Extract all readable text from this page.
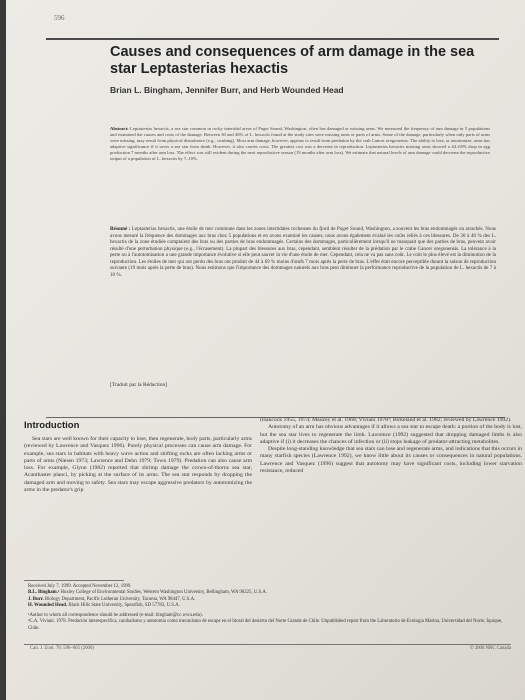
596
Causes and consequences of arm damage in the sea star Leptasterias hexactis
Brian L. Bingham, Jennifer Burr, and Herb Wounded Head
Abstract: Leptasterias hexactis, a sea star common in rocky intertidal areas of Puget Sound, Washington, often has damaged or missing arms. We measured the frequency of arm damage in 5 populations and examined the causes and costs of the damage. Between 30 and 46% of L. hexactis found at the study sites were missing arms or parts of arms. Some of the damage, particularly when only parts of arms were missing, may result from physical disturbance (e.g., crushing). Most arm damage, however, appears to result from predation by the crab Cancer oregonensis. The ability to lose, or autotomize, arms has adaptive significance if it saves a sea star from death. However, it also carries costs. The greatest cost was a decrease in reproduction. Leptasterias hexactis missing arms showed a 44–69% drop in egg production 7 months after arm loss. The effect was still evident during the next reproductive season (19 months after arm loss). We estimate that natural levels of arm damage could decrease the reproductive output of a population of L. hexactis by 7–10%.
Résumé : Leptasterias hexactis, une étoile de mer commune dans les zones intertidales rocheuses du fjord de Puget Sound, Washington, a souvent les bras endommagés ou arrachés. Nous avons mesuré la fréquence des dommages aux bras chez 5 populations et en avons examiné les causes; nous avons également évalué les coûts reliés à ces blessures. De 30 à 46 % des L. hexactis de la zone étudiée comptaient des bras ou des parties de bras endommagés. Certains des dommages, particulièrement lorsqu'il ne manquait que des parties de bras, peuvent avoir résulté d'une perturbation physique (e.g., l'écrasement). La plupart des blessures aux bras, cependant, semblent résulter de la prédation par le crabe Cancer oregonensis. La tolérance à la perte ou à l'autotomisation a une grande importance évolutive si elle peut sauver la vie d'une étoile de mer. Cependant, cela ne va pas sans coût. Le coût le plus élevé est la diminution de la reproduction. Les étoiles de mer qui ont perdu des bras ont produit de 44 à 69 % moins d'œufs 7 mois après la perte de bras. L'effet était encore perceptible durant la saison de reproduction suivante (19 mois après la perte de bras). Nous estimons que l'importance des dommages naturels aux bras peut diminuer la performance reproductive de la population de L. hexactis de 7 à 10 %.
[Traduit par la Rédaction]
Introduction

Sea stars are well known for their capacity to lose, then regenerate, body parts, particularly arms (reviewed by Lawrence and Vasquez 1996). Purely physical processes can cause arm damage. For example, sea stars in habitats with heavy wave action and shifting rocks are often lacking arms or parts of arms (Niesen 1973; Lawrence and Dehn 1979; Town 1979). Predation can also cause arm loss. For example, Glynn (1982) reported that shrimp damage the crown-of-thorns sea star, Acanthaster planci, by picking at the surface of its arms. The sea star responds by dropping the damaged arm and moving to safety. Sea stars may escape aggressive predators by autotomizing the arms in the predator's grip

(Hancock 1955, 1974; Mauzey et al. 1968; Viviani 1978²; Birkeland et al. 1982; reviewed by Lawrence 1992).

Autotomy of an arm has obvious advantages if it allows a sea star to escape death: a portion of the body is lost, but the sea star lives to regenerate the limb. Lawrence (1992) suggested that dropping damaged limbs is also adaptive if (i) it decreases the chances of infection or (ii) stops leakage of predator-attracting metabolites.

Despite long-standing knowledge that sea stars can lose and regenerate arms, and indications that this occurs in many starfish species (Lawrence 1992), we know little about its causes or consequences in natural populations. Lawrence and Vasquez (1996) suggest that autotomy may have significant costs, including lower starvation resistance, reduced

Received July 7, 1999. Accepted November 12, 1999.

B.L. Bingham.¹ Huxley College of Environmental Studies, Western Washington University, Bellingham, WA 98225, U.S.A.

J. Burr. Biology Department, Pacific Lutheran University, Tacoma, WA 98447, U.S.A.

H. Wounded Head. Black Hills State University, Spearfish, SD 57783, U.S.A.

¹Author to whom all correspondence should be addressed (e-mail: bingham@cc.wwu.edu).

²C.A. Viviani. 1978. Predación interespecífica, canibalismo y autotomía como mecanismo de escape en el litoral del desierto del Norte Grande de Chile. Unpublished report from the Laboratorio de Ecología Marina, Universidad del Norte, Iquique, Chile.

Can. J. Zool. 78: 596–605 (2000)	© 2000 NRC Canada
